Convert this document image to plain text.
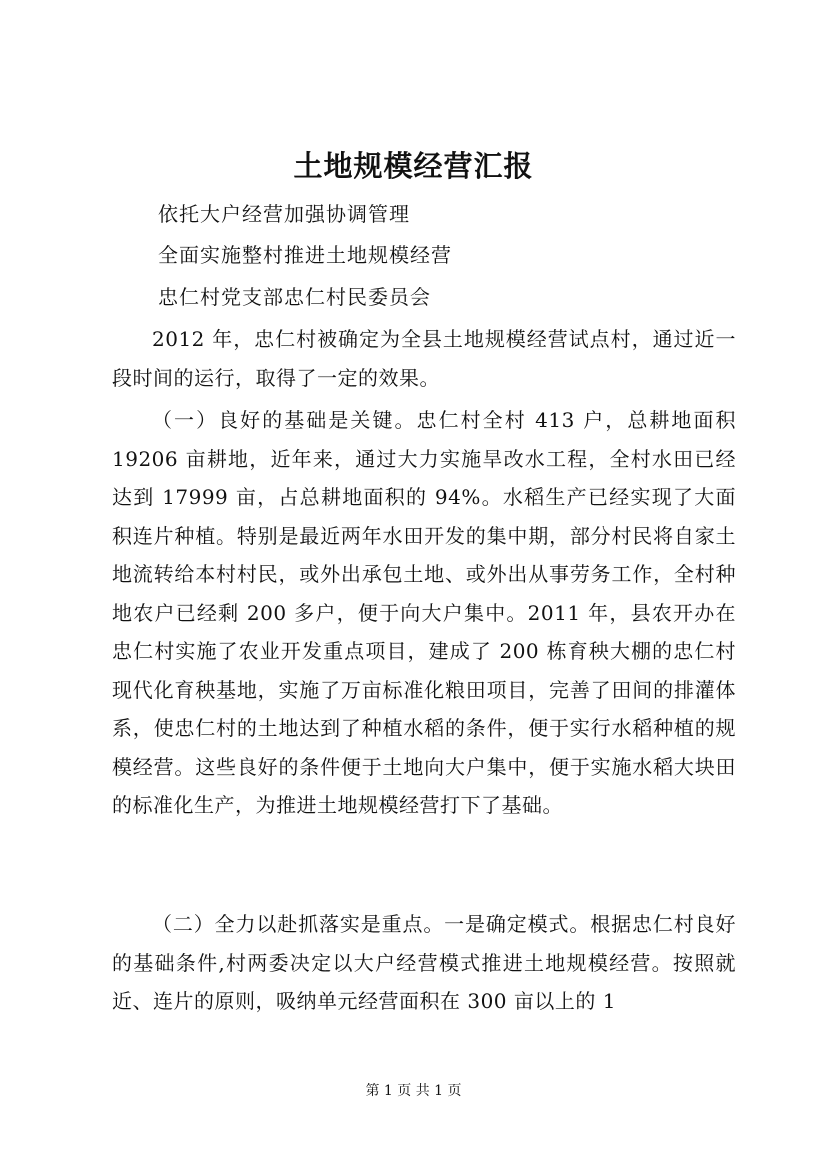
土地规模经营汇报

依托大户经营加强协调管理

全面实施整村推进土地规模经营

忠仁村党支部忠仁村民委员会

2012 年，忠仁村被确定为全县土地规模经营试点村，通过近一段时间的运行，取得了一定的效果。

（一）良好的基础是关键。忠仁村全村 413 户，总耕地面积 19206 亩耕地，近年来，通过大力实施旱改水工程，全村水田已经达到 17999 亩，占总耕地面积的 94%。水稻生产已经实现了大面积连片种植。特别是最近两年水田开发的集中期，部分村民将自家土地流转给本村村民，或外出承包土地、或外出从事劳务工作，全村种地农户已经剩 200 多户，便于向大户集中。2011 年，县农开办在忠仁村实施了农业开发重点项目，建成了 200 栋育秧大棚的忠仁村现代化育秧基地，实施了万亩标准化粮田项目，完善了田间的排灌体系，使忠仁村的土地达到了种植水稻的条件，便于实行水稻种植的规模经营。这些良好的条件便于土地向大户集中，便于实施水稻大块田的标准化生产，为推进土地规模经营打下了基础。

（二）全力以赴抓落实是重点。一是确定模式。根据忠仁村良好的基础条件,村两委决定以大户经营模式推进土地规模经营。按照就近、连片的原则，吸纳单元经营面积在 300 亩以上的 1

第 1 页 共 1 页
